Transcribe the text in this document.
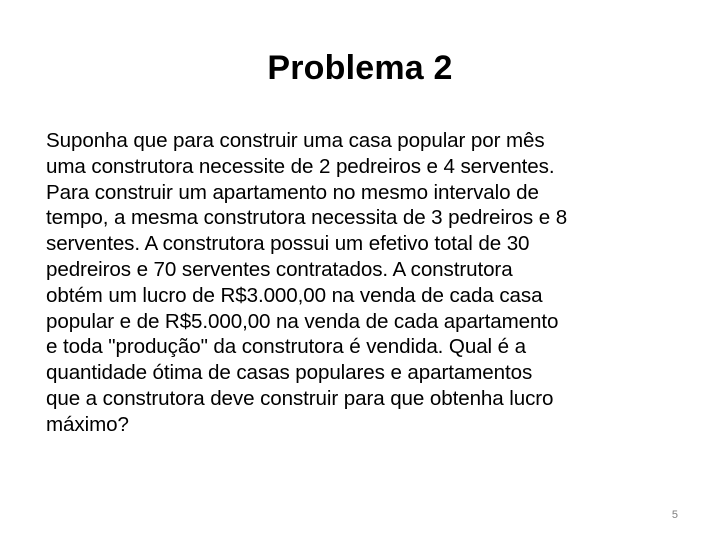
Problema 2

Suponha que para construir uma casa popular por mês
uma construtora necessite de 2 pedreiros e 4 serventes.
Para construir um apartamento no mesmo intervalo de
tempo, a mesma construtora necessita de 3 pedreiros e 8
serventes. A construtora possui um efetivo total de 30
pedreiros e 70 serventes contratados. A construtora
obtém um lucro de R$3.000,00 na venda de cada casa
popular e de R$5.000,00 na venda de cada apartamento
e toda "produção" da construtora é vendida. Qual é a
quantidade ótima de casas populares e apartamentos
que a construtora deve construir para que obtenha lucro
máximo?

5
